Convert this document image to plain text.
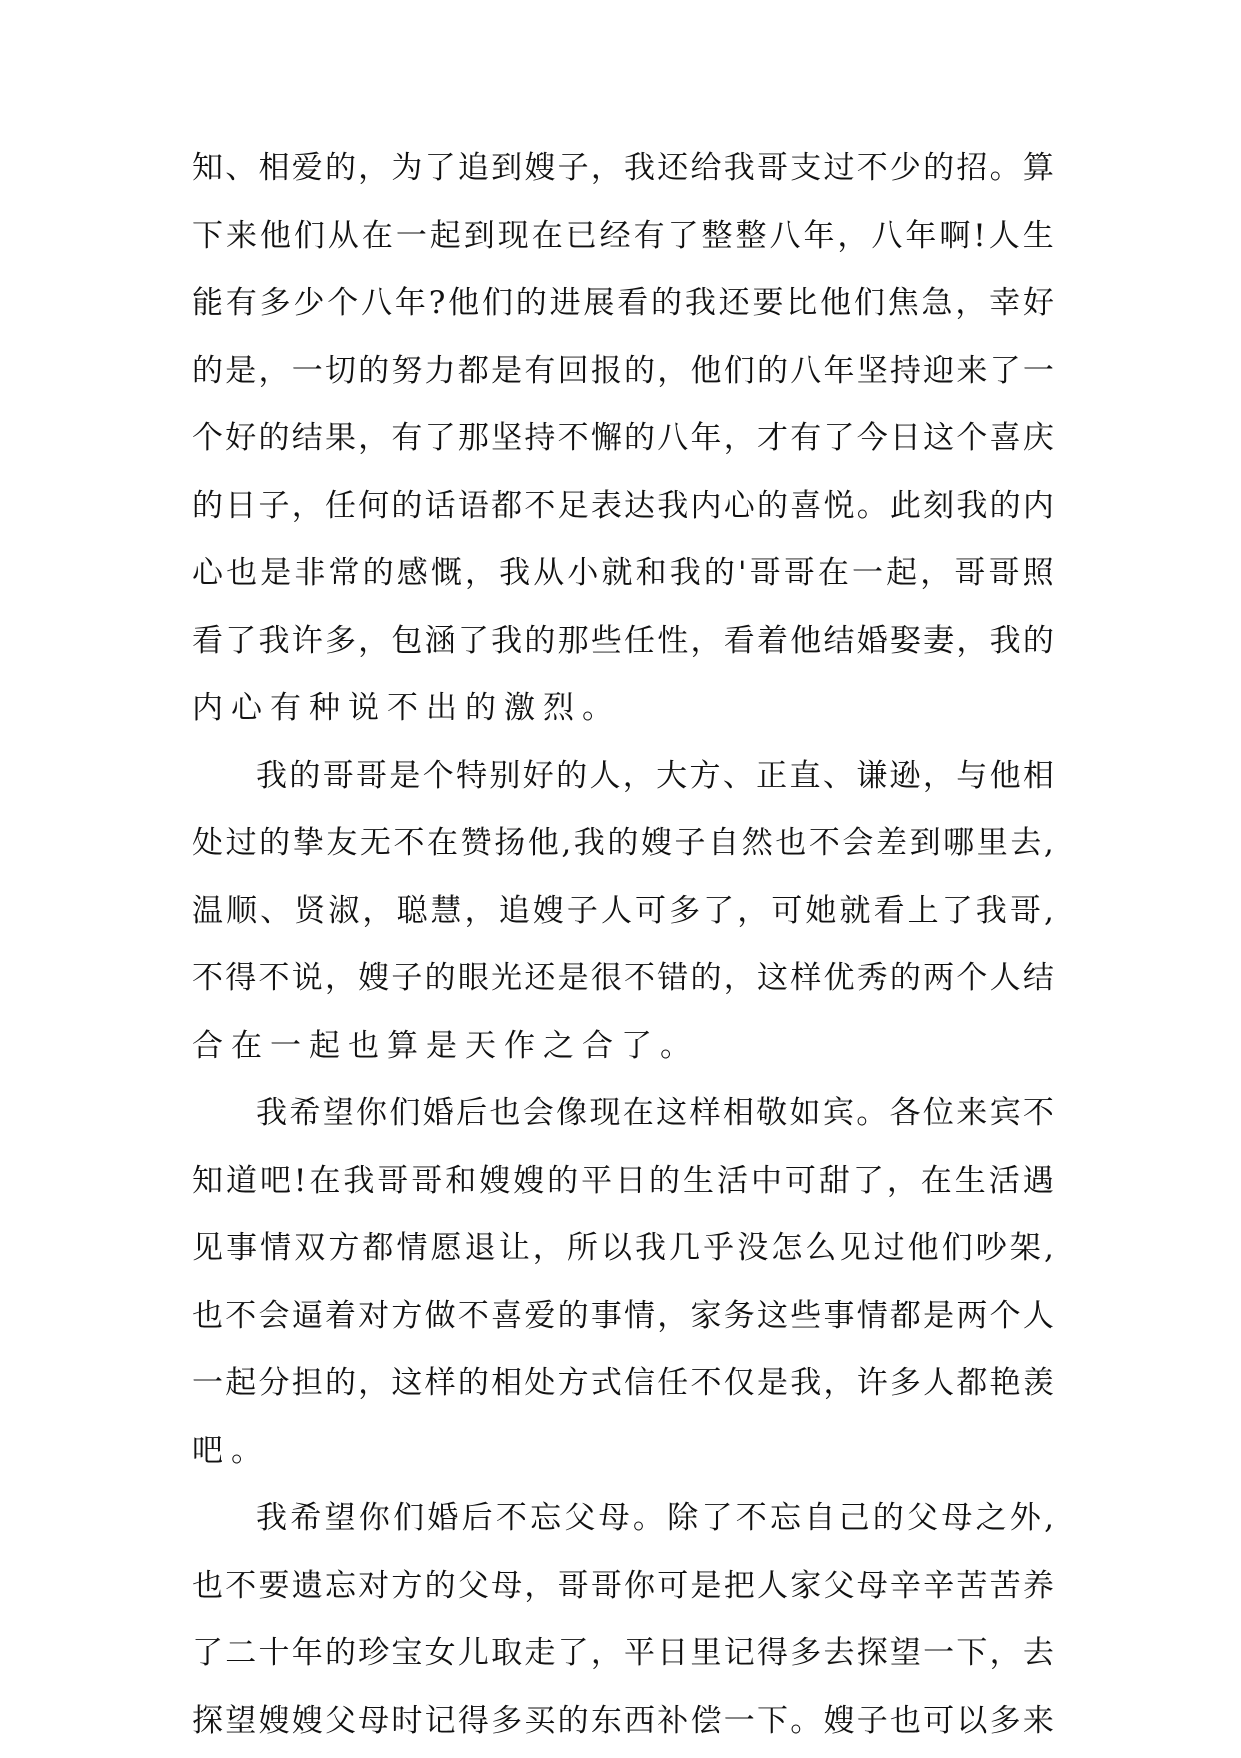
知 、 相 爱 的 ， 为 了 追 到 嫂 子 ， 我 还 给 我 哥 支 过 不 少 的 招 。 算
下 来 他 们 从 在 一 起 到 现 在 已 经 有 了 整 整 八 年 ， 八 年 啊 ! 人 生
能 有 多 少 个 八 年 ? 他 们 的 进 展 看 的 我 还 要 比 他 们 焦 急 ， 幸 好
的 是 ， 一 切 的 努 力 都 是 有 回 报 的 ， 他 们 的 八 年 坚 持 迎 来 了 一
个 好 的 结 果 ， 有 了 那 坚 持 不 懈 的 八 年 ， 才 有 了 今 日 这 个 喜 庆
的 日 子 ， 任 何 的 话 语 都 不 足 表 达 我 内 心 的 喜 悦 。 此 刻 我 的 内
心 也 是 非 常 的 感 慨 ， 我 从 小 就 和 我 的 ' 哥 哥 在 一 起 ， 哥 哥 照
看 了 我 许 多 ， 包 涵 了 我 的 那 些 任 性 ， 看 着 他 结 婚 娶 妻 ， 我 的
内 心 有 种 说 不 出 的 激 烈 。
我 的 哥 哥 是 个 特 别 好 的 人 ， 大 方 、 正 直 、 谦 逊 ， 与 他 相
处 过 的 挚 友 无 不 在 赞 扬 他 , 我 的 嫂 子 自 然 也 不 会 差 到 哪 里 去 ,
温 顺 、 贤 淑 ， 聪 慧 ， 追 嫂 子 人 可 多 了 ， 可 她 就 看 上 了 我 哥 ,
不 得 不 说 ， 嫂 子 的 眼 光 还 是 很 不 错 的 ， 这 样 优 秀 的 两 个 人 结
合 在 一 起 也 算 是 天 作 之 合 了 。
我 希 望 你 们 婚 后 也 会 像 现 在 这 样 相 敬 如 宾 。 各 位 来 宾 不
知 道 吧 ! 在 我 哥 哥 和 嫂 嫂 的 平 日 的 生 活 中 可 甜 了 ， 在 生 活 遇
见 事 情 双 方 都 情 愿 退 让 ， 所 以 我 几 乎 没 怎 么 见 过 他 们 吵 架 ,
也 不 会 逼 着 对 方 做 不 喜 爱 的 事 情 ， 家 务 这 些 事 情 都 是 两 个 人
一 起 分 担 的 ， 这 样 的 相 处 方 式 信 任 不 仅 是 我 ， 许 多 人 都 艳 羡
吧 。
我 希 望 你 们 婚 后 不 忘 父 母 。 除 了 不 忘 自 己 的 父 母 之 外 ,
也 不 要 遗 忘 对 方 的 父 母 ， 哥 哥 你 可 是 把 人 家 父 母 辛 辛 苦 苦 养
了 二 十 年 的 珍 宝 女 儿 取 走 了 ， 平 日 里 记 得 多 去 探 望 一 下 ， 去
探 望 嫂 嫂 父 母 时 记 得 多 买 的 东 西 补 偿 一 下 。 嫂 子 也 可 以 多 来
